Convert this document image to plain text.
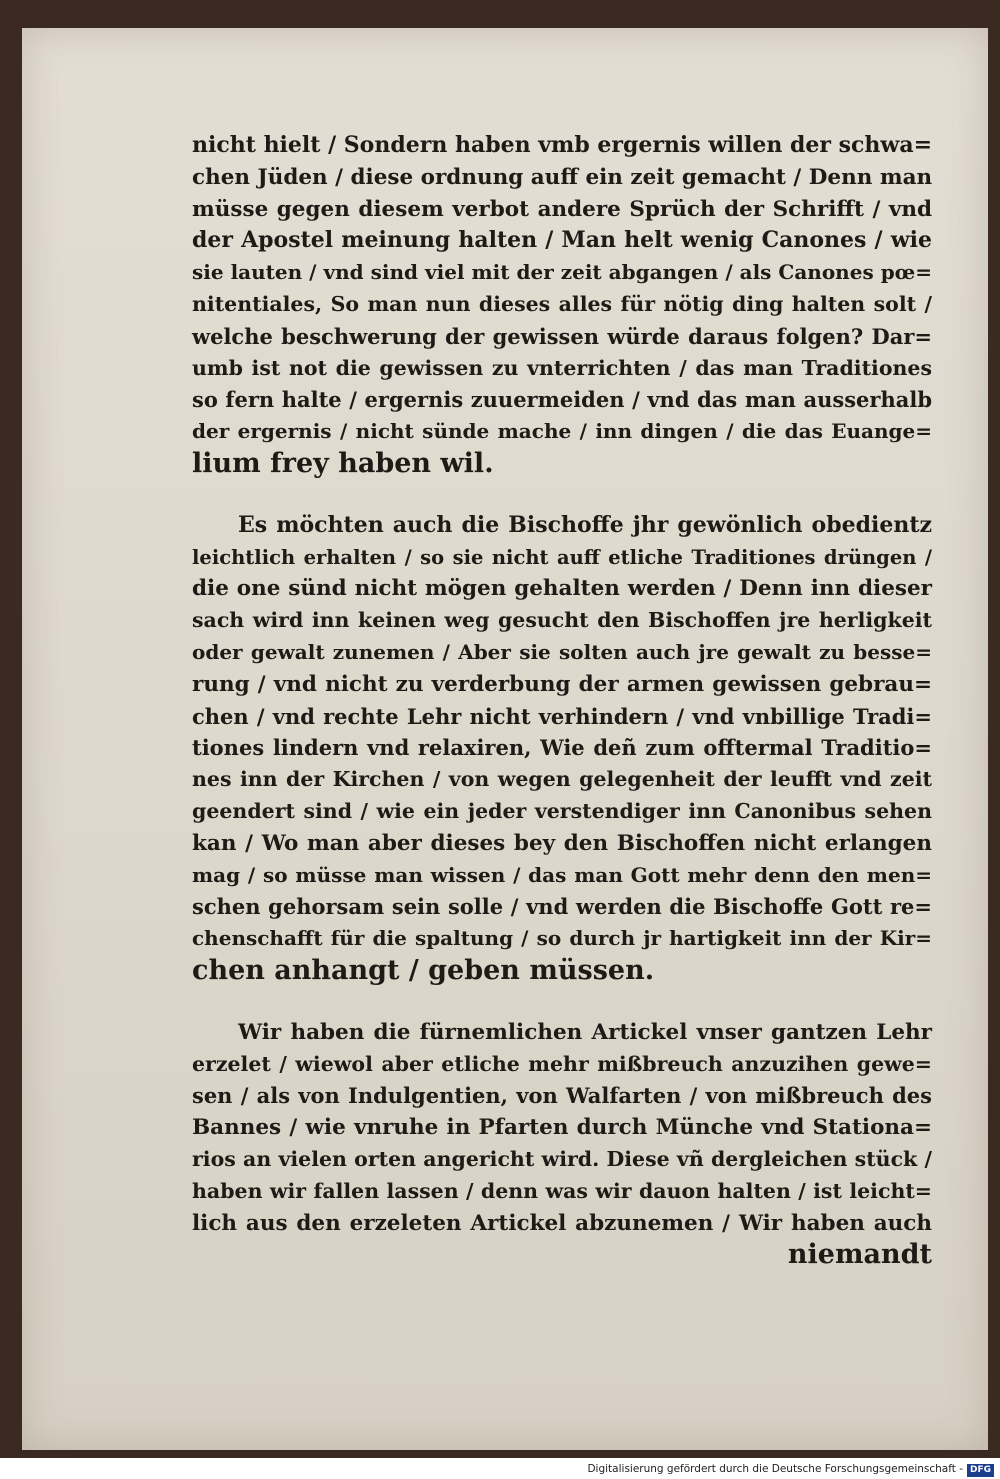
nicht hielt / Sondern haben vmb ergernis willen der schwa=
chen Jüden / diese ordnung auff ein zeit gemacht / Denn man
müsse gegen diesem verbot andere Sprüch der Schrifft / vnd
der Apostel meinung halten / Man helt wenig Canones / wie
sie lauten / vnd sind viel mit der zeit abgangen / als Canones pœ=
nitentiales, So man nun dieses alles für nötig ding halten solt /
welche beschwerung der gewissen würde daraus folgen? Dar=
umb ist not die gewissen zu vnterrichten / das man Traditiones
so fern halte / ergernis zuuermeiden / vnd das man ausserhalb
der ergernis / nicht sünde mache / inn dingen / die das Euange=
lium frey haben wil.
Es möchten auch die Bischoffe jhr gewönlich obedientz
leichtlich erhalten / so sie nicht auff etliche Traditiones drüngen /
die one sünd nicht mögen gehalten werden / Denn inn dieser
sach wird inn keinen weg gesucht den Bischoffen jre herligkeit
oder gewalt zunemen / Aber sie solten auch jre gewalt zu besse=
rung / vnd nicht zu verderbung der armen gewissen gebrau=
chen / vnd rechte Lehr nicht verhindern / vnd vnbillige Tradi=
tiones lindern vnd relaxiren, Wie deñ zum offtermal Traditio=
nes inn der Kirchen / von wegen gelegenheit der leufft vnd zeit
geendert sind / wie ein jeder verstendiger inn Canonibus sehen
kan / Wo man aber dieses bey den Bischoffen nicht erlangen
mag / so müsse man wissen / das man Gott mehr denn den men=
schen gehorsam sein solle / vnd werden die Bischoffe Gott re=
chenschafft für die spaltung / so durch jr hartigkeit inn der Kir=
chen anhangt / geben müssen.
Wir haben die fürnemlichen Artickel vnser gantzen Lehr
erzelet / wiewol aber etliche mehr mißbreuch anzuzihen gewe=
sen / als von Indulgentien, von Walfarten / von mißbreuch des
Bannes / wie vnruhe in Pfarten durch Münche vnd Stationa=
rios an vielen orten angericht wird. Diese vñ dergleichen stück /
haben wir fallen lassen / denn was wir dauon halten / ist leicht=
lich aus den erzeleten Artickel abzunemen / Wir haben auch
niemandt
Digitalisierung gefördert durch die Deutsche Forschungsgemeinschaft - DFG
